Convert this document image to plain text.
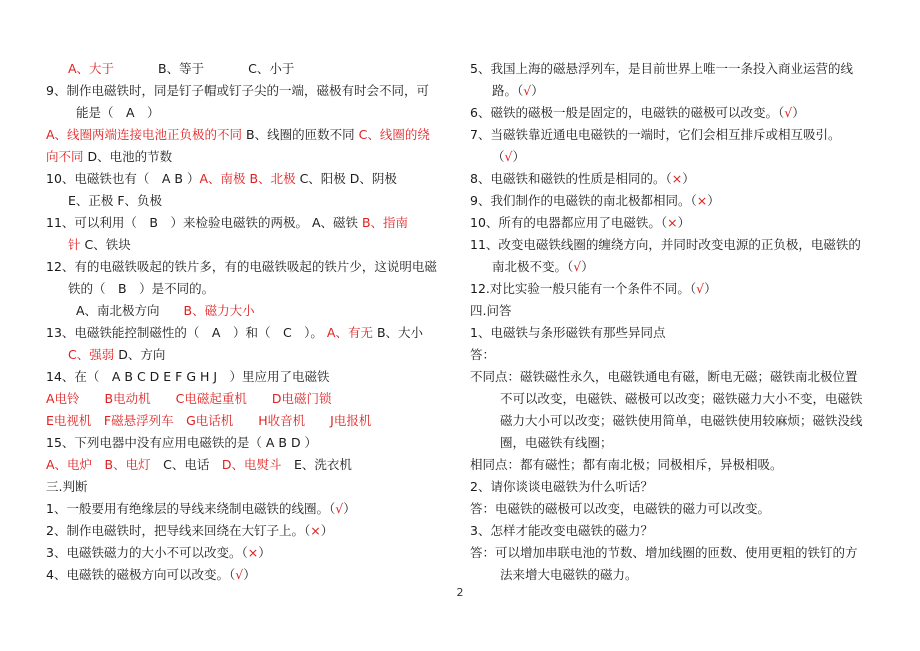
A、大于	B、等于	C、小于
9、制作电磁铁时，同是钉子帽或钉子尖的一端，磁极有时会不同，可
能是（　A　）
A、线圈两端连接电池正负极的不同 B、线圈的匝数不同 C、线圈的绕
向不同 D、电池的节数
10、电磁铁也有（　A B ）A、南极 B、北极 C、阳极 D、阴极
E、正极 F、负极
11、可以利用（　B　）来检验电磁铁的两极。 A、磁铁 B、指南
针 C、铁块
12、有的电磁铁吸起的铁片多，有的电磁铁吸起的铁片少，这说明电磁
铁的（　B　）是不同的。
A、南北极方向 B、磁力大小
13、电磁铁能控制磁性的（　A　）和（　C　）。 A、有无 B、大小
C、强弱 D、方向
14、在（　A B C D E F G H J　）里应用了电磁铁
A电铃　　B电动机　　C电磁起重机　　D电磁门锁
E电视机　F磁悬浮列车　G电话机　　H收音机　　J电报机
15、下列电器中没有应用电磁铁的是（ A B D ）
A、电炉　B、电灯　C、电话　D、电熨斗　E、洗衣机
三.判断
1、一般要用有绝缘层的导线来绕制电磁铁的线圈。（√）
2、制作电磁铁时，把导线来回绕在大钉子上。（×）
3、电磁铁磁力的大小不可以改变。（×）
4、电磁铁的磁极方向可以改变。（√）
5、我国上海的磁悬浮列车，是目前世界上唯一一条投入商业运营的线
路。（√）
6、磁铁的磁极一般是固定的，电磁铁的磁极可以改变。（√）
7、当磁铁靠近通电电磁铁的一端时，它们会相互排斥或相互吸引。
（√）
8、电磁铁和磁铁的性质是相同的。（×）
9、我们制作的电磁铁的南北极都相同。（×）
10、所有的电器都应用了电磁铁。（×）
11、改变电磁铁线圈的缠绕方向，并同时改变电源的正负极，电磁铁的
南北极不变。（√）
12.对比实验一般只能有一个条件不同。（√）
四.问答
1、电磁铁与条形磁铁有那些异同点
答：
不同点：磁铁磁性永久，电磁铁通电有磁，断电无磁；磁铁南北极位置
不可以改变，电磁铁、磁极可以改变；磁铁磁力大小不变，电磁铁
磁力大小可以改变；磁铁使用简单，电磁铁使用较麻烦；磁铁没线
圈，电磁铁有线圈；
相同点：都有磁性；都有南北极；同极相斥，异极相吸。
2、请你谈谈电磁铁为什么听话？
答：电磁铁的磁极可以改变，电磁铁的磁力可以改变。
3、怎样才能改变电磁铁的磁力？
答：可以增加串联电池的节数、增加线圈的匝数、使用更粗的铁钉的方
法来增大电磁铁的磁力。
2
